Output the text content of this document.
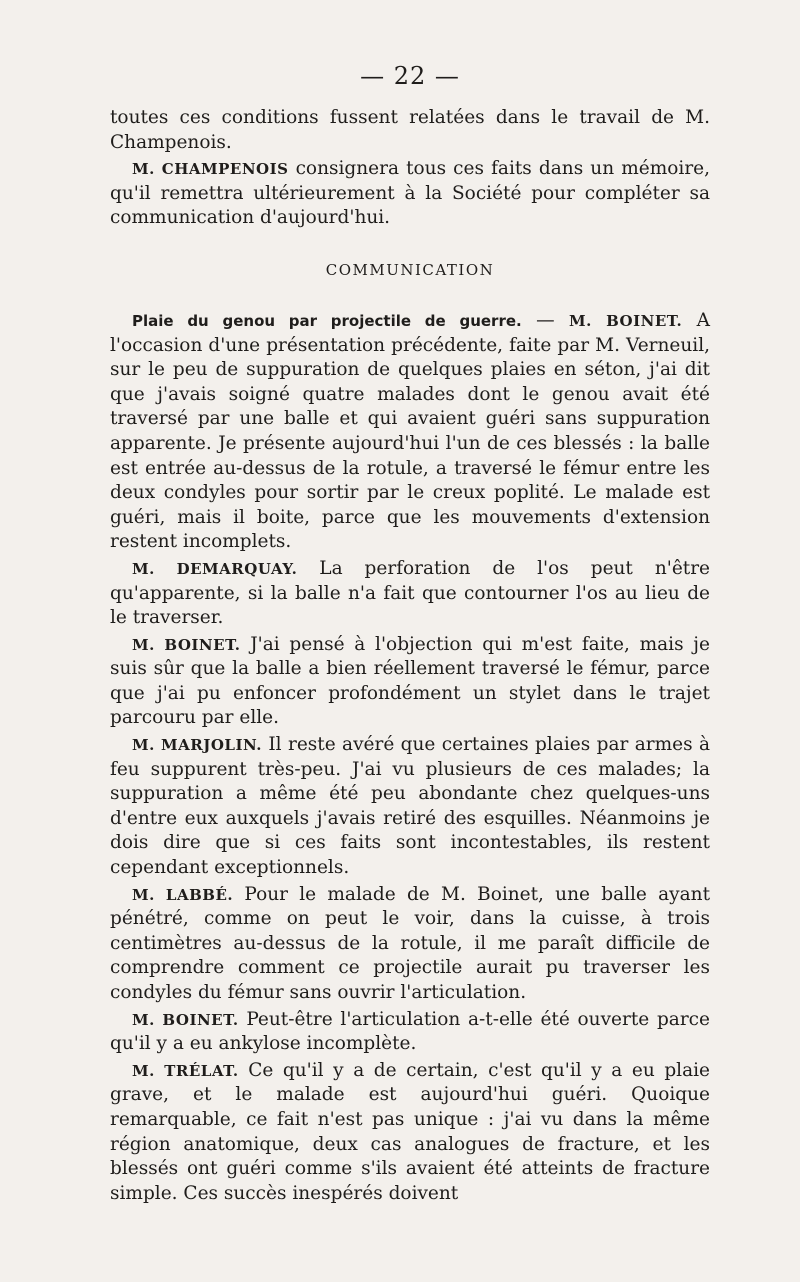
— 22 —

toutes ces conditions fussent relatées dans le travail de M. Champenois.

M. CHAMPENOIS consignera tous ces faits dans un mémoire, qu'il remettra ultérieurement à la Société pour compléter sa communication d'aujourd'hui.

COMMUNICATION

Plaie du genou par projectile de guerre. — M. BOINET. A l'occasion d'une présentation précédente, faite par M. Verneuil, sur le peu de suppuration de quelques plaies en séton, j'ai dit que j'avais soigné quatre malades dont le genou avait été traversé par une balle et qui avaient guéri sans suppuration apparente. Je présente aujourd'hui l'un de ces blessés : la balle est entrée au-dessus de la rotule, a traversé le fémur entre les deux condyles pour sortir par le creux poplité. Le malade est guéri, mais il boite, parce que les mouvements d'extension restent incomplets.

M. DEMARQUAY. La perforation de l'os peut n'être qu'apparente, si la balle n'a fait que contourner l'os au lieu de le traverser.

M. BOINET. J'ai pensé à l'objection qui m'est faite, mais je suis sûr que la balle a bien réellement traversé le fémur, parce que j'ai pu enfoncer profondément un stylet dans le trajet parcouru par elle.

M. MARJOLIN. Il reste avéré que certaines plaies par armes à feu suppurent très-peu. J'ai vu plusieurs de ces malades; la suppuration a même été peu abondante chez quelques-uns d'entre eux auxquels j'avais retiré des esquilles. Néanmoins je dois dire que si ces faits sont incontestables, ils restent cependant exceptionnels.

M. LABBÉ. Pour le malade de M. Boinet, une balle ayant pénétré, comme on peut le voir, dans la cuisse, à trois centimètres au-dessus de la rotule, il me paraît difficile de comprendre comment ce projectile aurait pu traverser les condyles du fémur sans ouvrir l'articulation.

M. BOINET. Peut-être l'articulation a-t-elle été ouverte parce qu'il y a eu ankylose incomplète.

M. TRÉLAT. Ce qu'il y a de certain, c'est qu'il y a eu plaie grave, et le malade est aujourd'hui guéri. Quoique remarquable, ce fait n'est pas unique : j'ai vu dans la même région anatomique, deux cas analogues de fracture, et les blessés ont guéri comme s'ils avaient été atteints de fracture simple. Ces succès inespérés doivent
